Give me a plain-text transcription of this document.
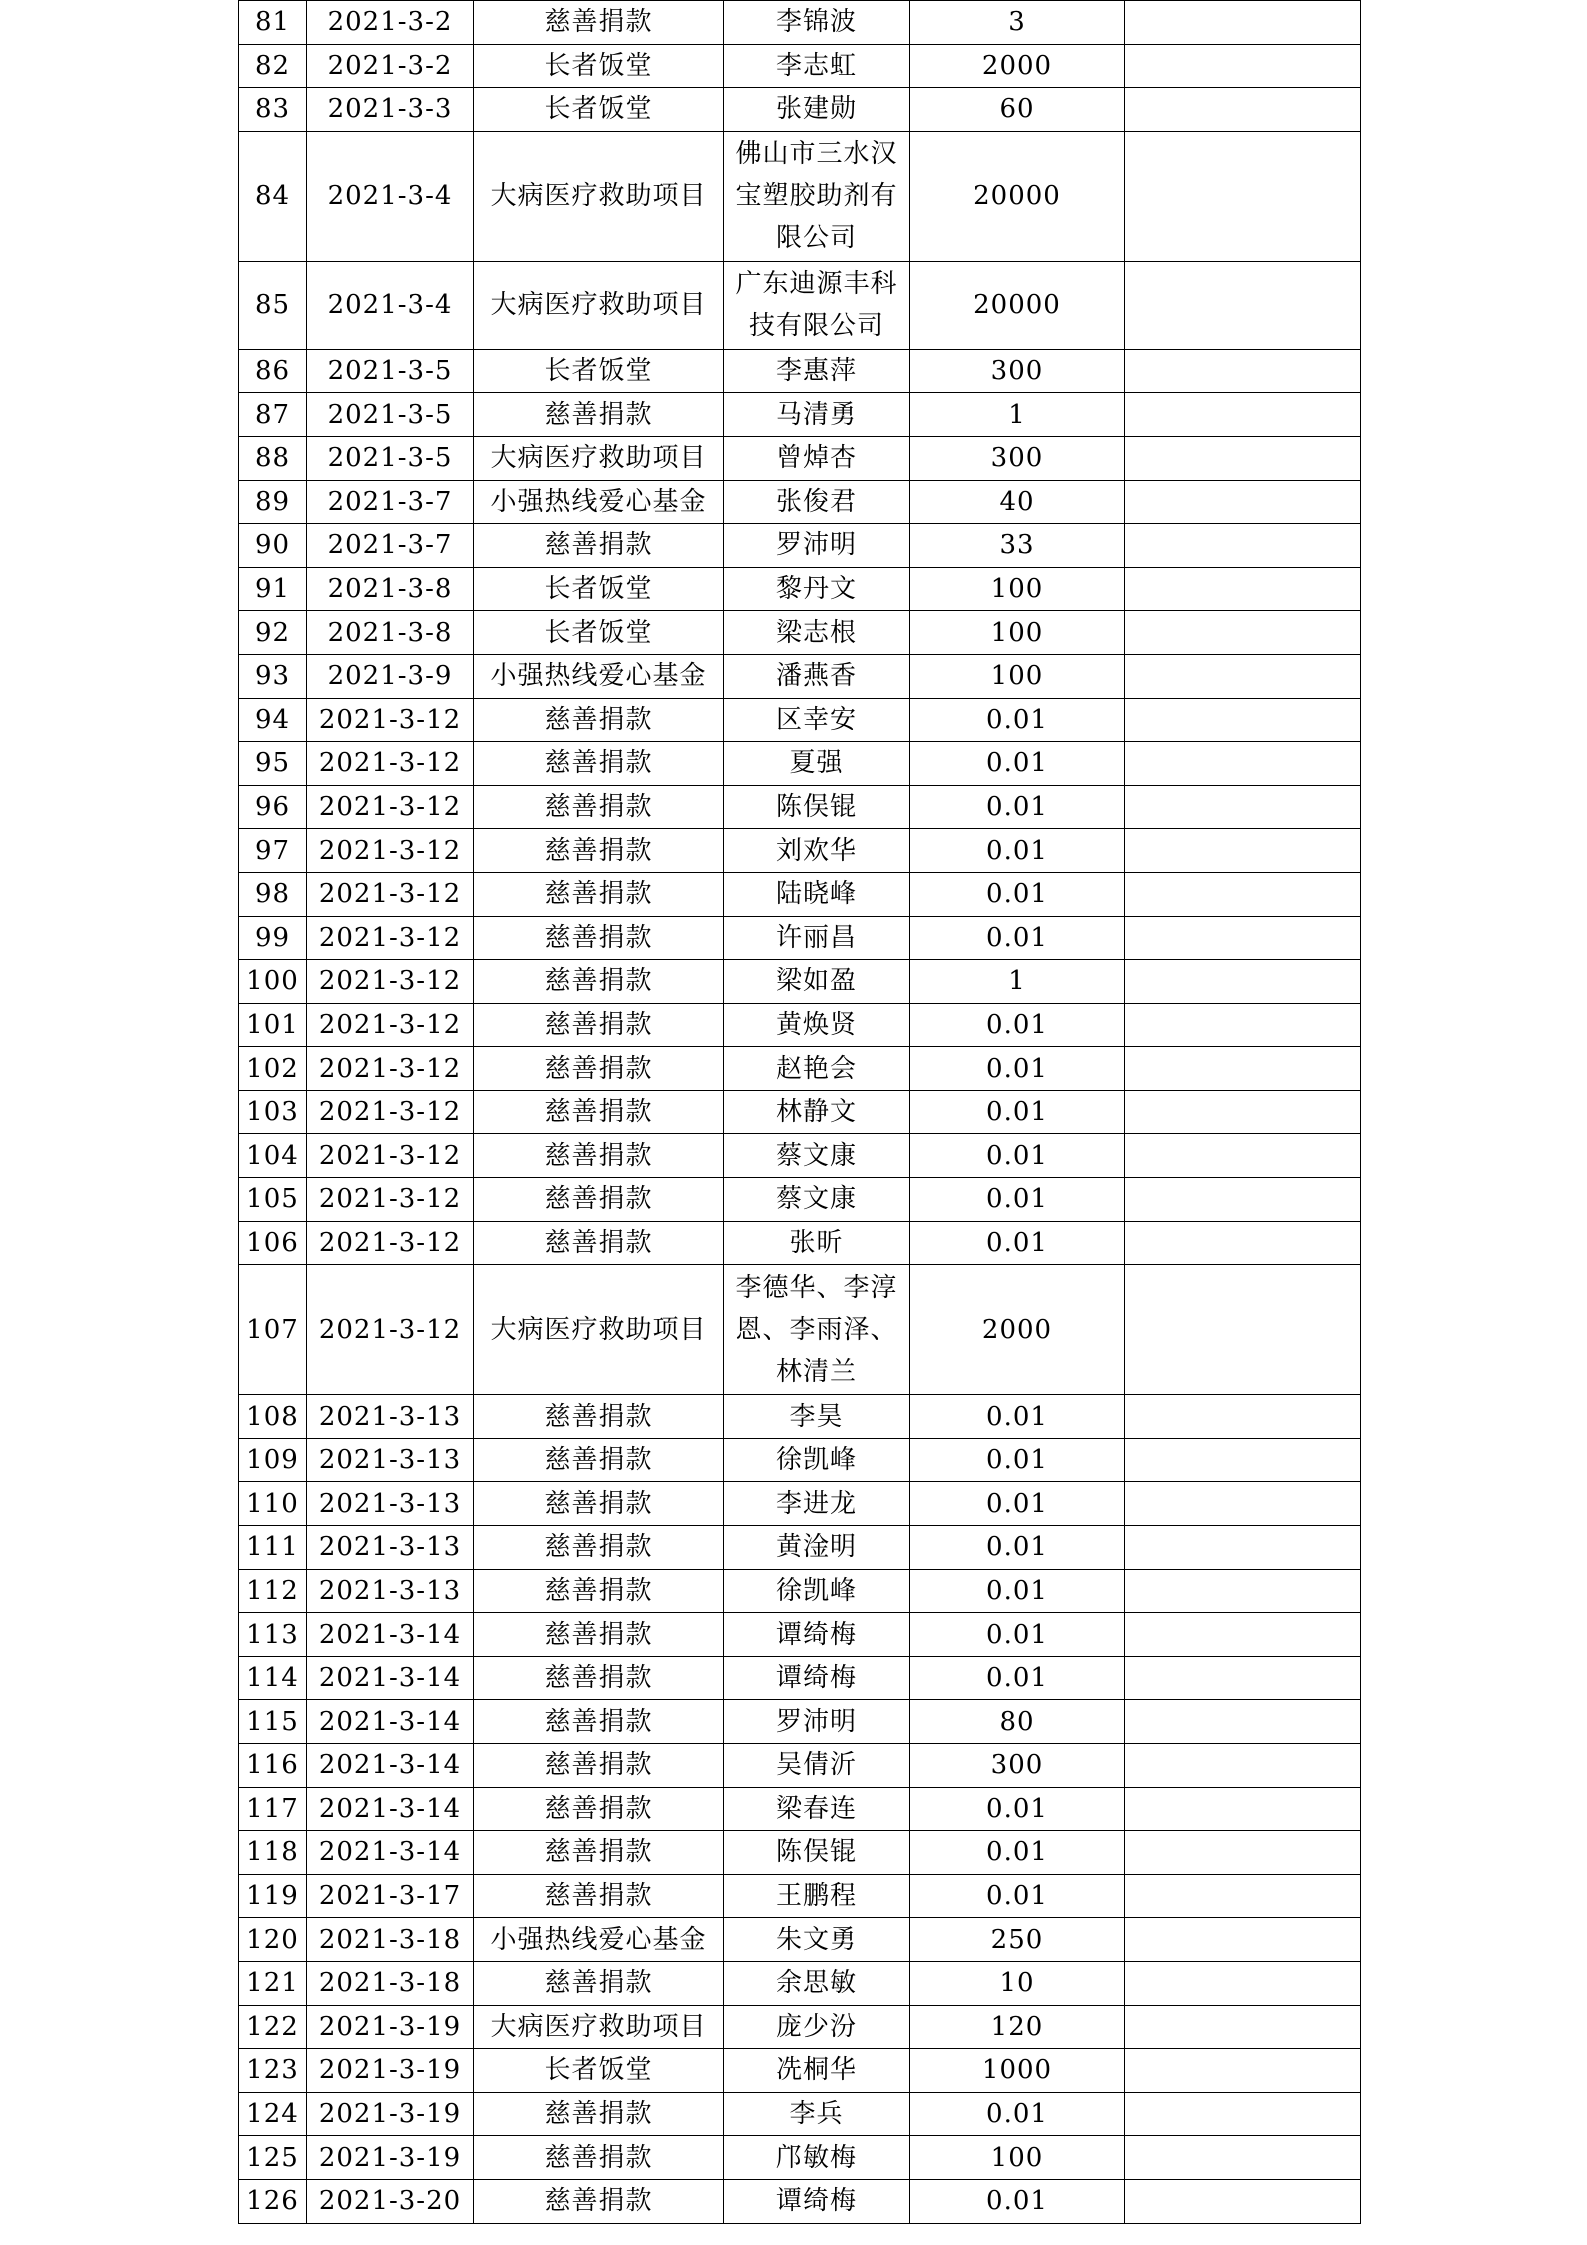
81	2021-3-2	慈善捐款	李锦波	3	
82	2021-3-2	长者饭堂	李志虹	2000	
83	2021-3-3	长者饭堂	张建勋	60	
84	2021-3-4	大病医疗救助项目	佛山市三水汉宝塑胶助剂有限公司	20000	
85	2021-3-4	大病医疗救助项目	广东迪源丰科技有限公司	20000	
86	2021-3-5	长者饭堂	李惠萍	300	
87	2021-3-5	慈善捐款	马清勇	1	
88	2021-3-5	大病医疗救助项目	曾焯杏	300	
89	2021-3-7	小强热线爱心基金	张俊君	40	
90	2021-3-7	慈善捐款	罗沛明	33	
91	2021-3-8	长者饭堂	黎丹文	100	
92	2021-3-8	长者饭堂	梁志根	100	
93	2021-3-9	小强热线爱心基金	潘燕香	100	
94	2021-3-12	慈善捐款	区幸安	0.01	
95	2021-3-12	慈善捐款	夏强	0.01	
96	2021-3-12	慈善捐款	陈俣锟	0.01	
97	2021-3-12	慈善捐款	刘欢华	0.01	
98	2021-3-12	慈善捐款	陆晓峰	0.01	
99	2021-3-12	慈善捐款	许丽昌	0.01	
100	2021-3-12	慈善捐款	梁如盈	1	
101	2021-3-12	慈善捐款	黄焕贤	0.01	
102	2021-3-12	慈善捐款	赵艳会	0.01	
103	2021-3-12	慈善捐款	林静文	0.01	
104	2021-3-12	慈善捐款	蔡文康	0.01	
105	2021-3-12	慈善捐款	蔡文康	0.01	
106	2021-3-12	慈善捐款	张昕	0.01	
107	2021-3-12	大病医疗救助项目	李德华、李淳恩、李雨泽、林清兰	2000	
108	2021-3-13	慈善捐款	李昊	0.01	
109	2021-3-13	慈善捐款	徐凯峰	0.01	
110	2021-3-13	慈善捐款	李进龙	0.01	
111	2021-3-13	慈善捐款	黄淦明	0.01	
112	2021-3-13	慈善捐款	徐凯峰	0.01	
113	2021-3-14	慈善捐款	谭绮梅	0.01	
114	2021-3-14	慈善捐款	谭绮梅	0.01	
115	2021-3-14	慈善捐款	罗沛明	80	
116	2021-3-14	慈善捐款	吴倩沂	300	
117	2021-3-14	慈善捐款	梁春连	0.01	
118	2021-3-14	慈善捐款	陈俣锟	0.01	
119	2021-3-17	慈善捐款	王鹏程	0.01	
120	2021-3-18	小强热线爱心基金	朱文勇	250	
121	2021-3-18	慈善捐款	余思敏	10	
122	2021-3-19	大病医疗救助项目	庞少汾	120	
123	2021-3-19	长者饭堂	冼桐华	1000	
124	2021-3-19	慈善捐款	李兵	0.01	
125	2021-3-19	慈善捐款	邝敏梅	100	
126	2021-3-20	慈善捐款	谭绮梅	0.01	
